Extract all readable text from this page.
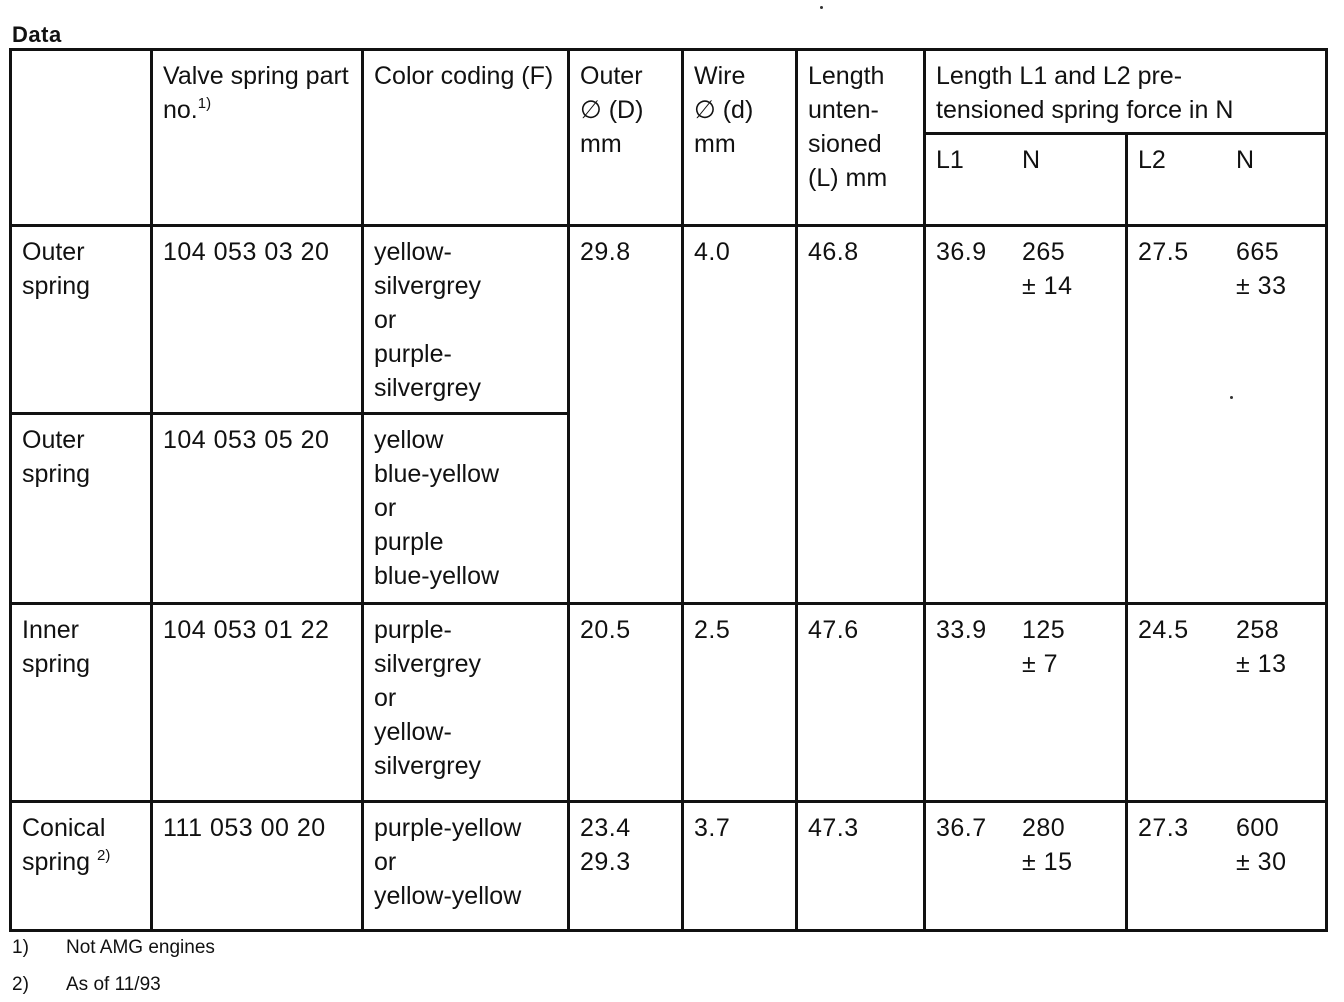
Data
	Valve spring part no.$^{1)}$	Color coding (F)	Outer
∅ (D)
mm	Wire
∅ (d)
mm	Length unten- sioned (L) mm	Length L1 and L2 pre-
tensioned spring force in N			
						L1	N	L2	N
Outer spring	104 053 03 20	yellow-
silvergrey
or
purple-
silvergrey	29.8	4.0	46.8	36.9	265
± 14	27.5	665
± 33
Outer spring	104 053 05 20	yellow
blue-yellow
or
purple
blue-yellow							
Inner spring	104 053 01 22	purple-
silvergrey
or
yellow-
silvergrey	20.5	2.5	47.6	33.9	125
± 7	24.5	258
± 13
Conical spring $^{2)}$	111 053 00 20	purple-yellow
or
yellow-yellow	23.4
29.3	3.7	47.3	36.7	280
± 15	27.3	600
± 30
1) Not AMG engines
2) As of 11/93
